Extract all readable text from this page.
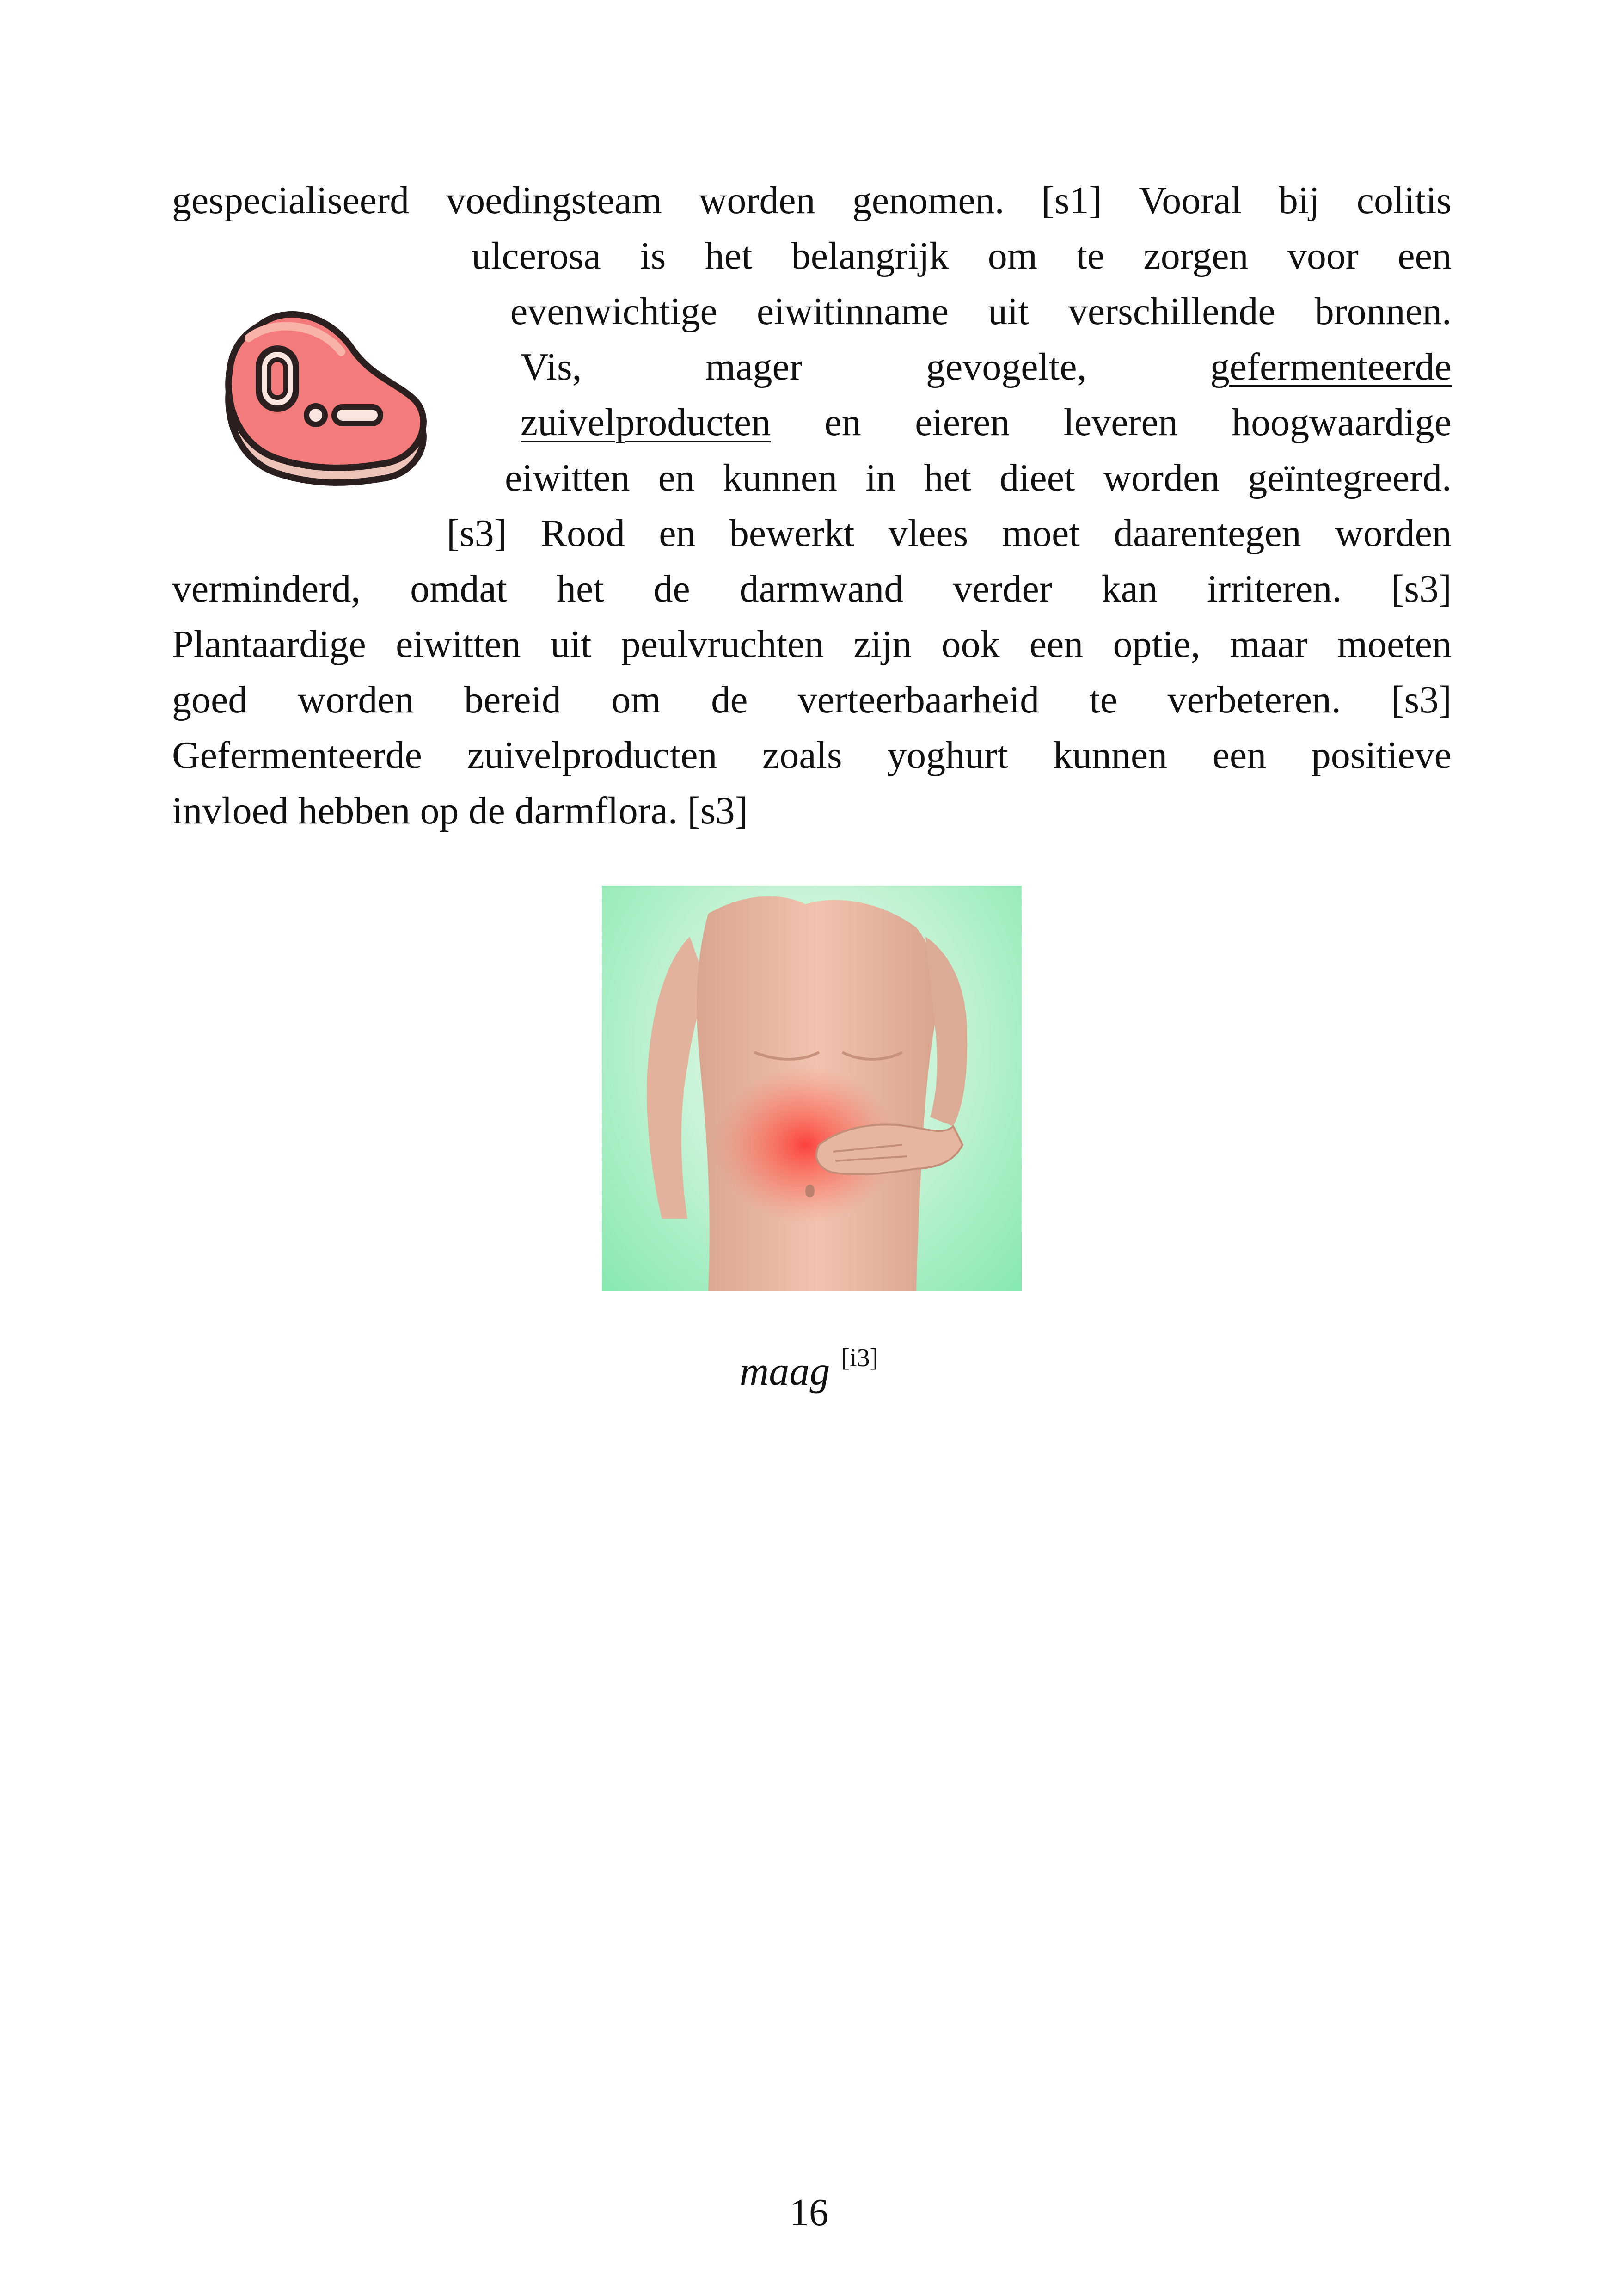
gespecialiseerd voedingsteam worden genomen. [s1] Vooral bij colitis
ulcerosa is het belangrijk om te zorgen voor een
evenwichtige eiwitinname uit verschillende bronnen.
Vis,	mager	gevogelte,	gefermenteerde
zuivelproducten en eieren leveren hoogwaardige
eiwitten en kunnen in het dieet worden geïntegreerd.
[s3] Rood en bewerkt vlees moet daarentegen worden
verminderd, omdat het de darmwand verder kan irriteren. [s3]
Plantaardige eiwitten uit peulvruchten zijn ook een optie, maar moeten
goed worden bereid om de verteerbaarheid te verbeteren. [s3]
Gefermenteerde zuivelproducten zoals yoghurt kunnen een positieve
invloed hebben op de darmflora. [s3]
maag [i3]
16
